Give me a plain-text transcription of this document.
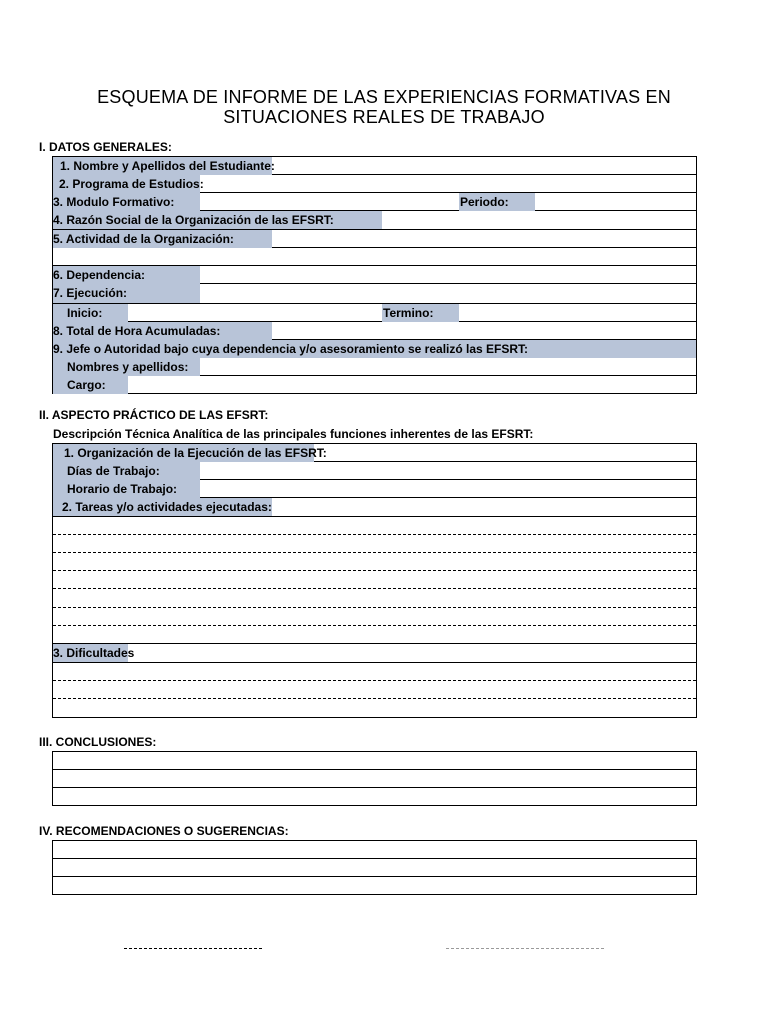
ESQUEMA DE INFORME DE LAS EXPERIENCIAS FORMATIVAS EN
SITUACIONES REALES DE TRABAJO
I. DATOS GENERALES:
1. Nombre y Apellidos del Estudiante:
2. Programa de Estudios:
3. Modulo Formativo:	Periodo:
4. Razón Social de la Organización de las EFSRT:
5. Actividad de la Organización:
6. Dependencia:
7. Ejecución:
Inicio:	Termino:
8. Total de Hora Acumuladas:
9. Jefe o Autoridad bajo cuya dependencia y/o asesoramiento se realizó las EFSRT:
Nombres y apellidos:
Cargo:
II. ASPECTO PRÁCTICO DE LAS EFSRT:
Descripción Técnica Analítica de las principales funciones inherentes de las EFSRT:
1. Organización de la Ejecución de las EFSRT:
Días de Trabajo:
Horario de Trabajo:
2. Tareas y/o actividades ejecutadas:
3. Dificultades
III. CONCLUSIONES:
IV. RECOMENDACIONES O SUGERENCIAS:
